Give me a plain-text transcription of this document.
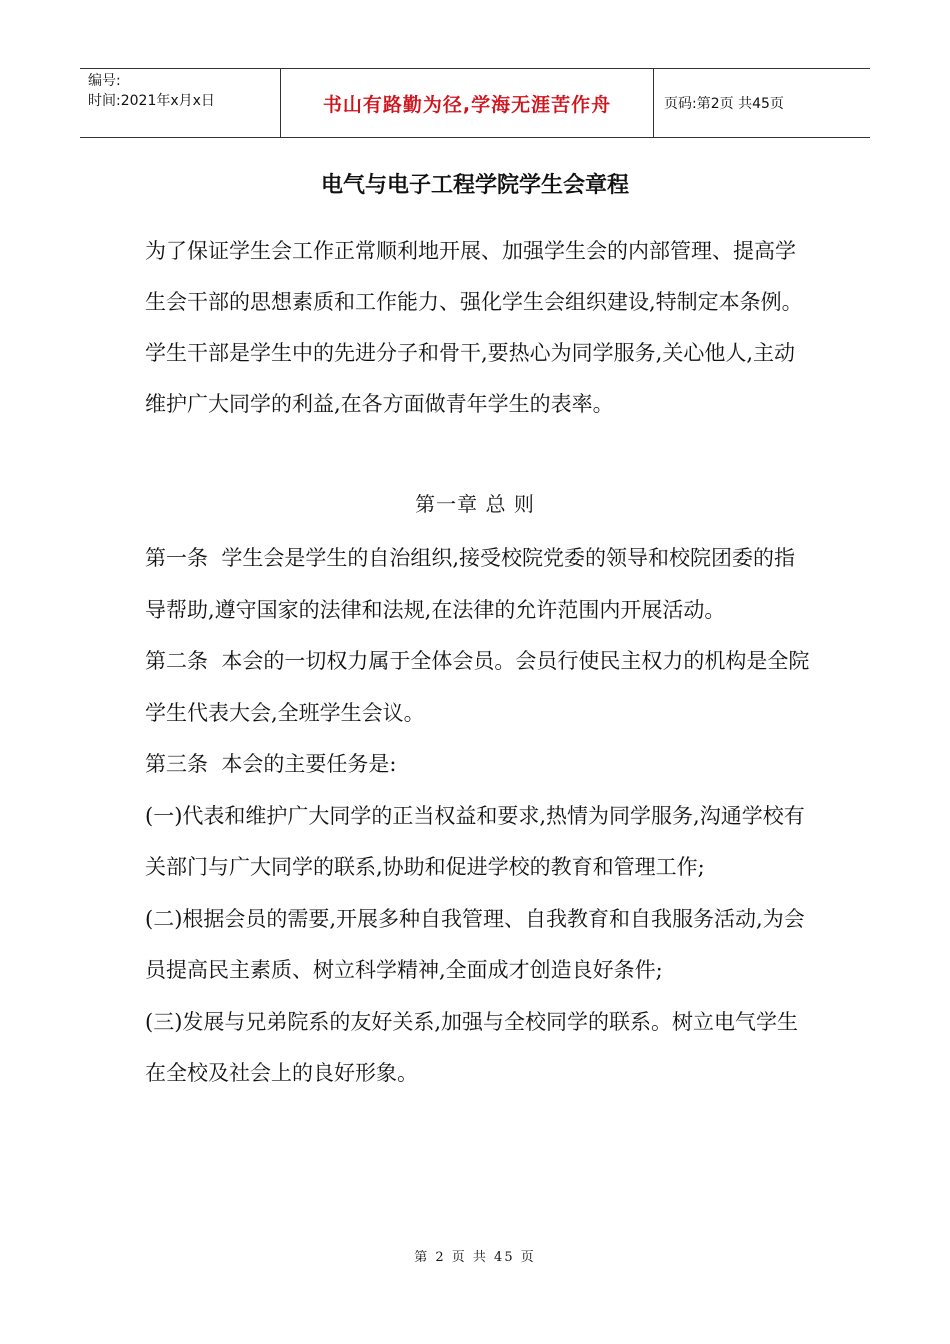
编号:
时间:2021年x月x日	书山有路勤为径,学海无涯苦作舟	页码:第2页 共45页
电气与电子工程学院学生会章程
为了保证学生会工作正常顺利地开展、加强学生会的内部管理、提高学生会干部的思想素质和工作能力、强化学生会组织建设,特制定本条例。学生干部是学生中的先进分子和骨干,要热心为同学服务,关心他人,主动维护广大同学的利益,在各方面做青年学生的表率。
第一章 总 则

第一条  学生会是学生的自治组织,接受校院党委的领导和校院团委的指导帮助,遵守国家的法律和法规,在法律的允许范围内开展活动。

第二条  本会的一切权力属于全体会员。会员行使民主权力的机构是全院学生代表大会,全班学生会议。

第三条  本会的主要任务是:

(一)代表和维护广大同学的正当权益和要求,热情为同学服务,沟通学校有关部门与广大同学的联系,协助和促进学校的教育和管理工作;

(二)根据会员的需要,开展多种自我管理、自我教育和自我服务活动,为会员提高民主素质、树立科学精神,全面成才创造良好条件;

(三)发展与兄弟院系的友好关系,加强与全校同学的联系。树立电气学生在全校及社会上的良好形象。

第 2 页 共 45 页
